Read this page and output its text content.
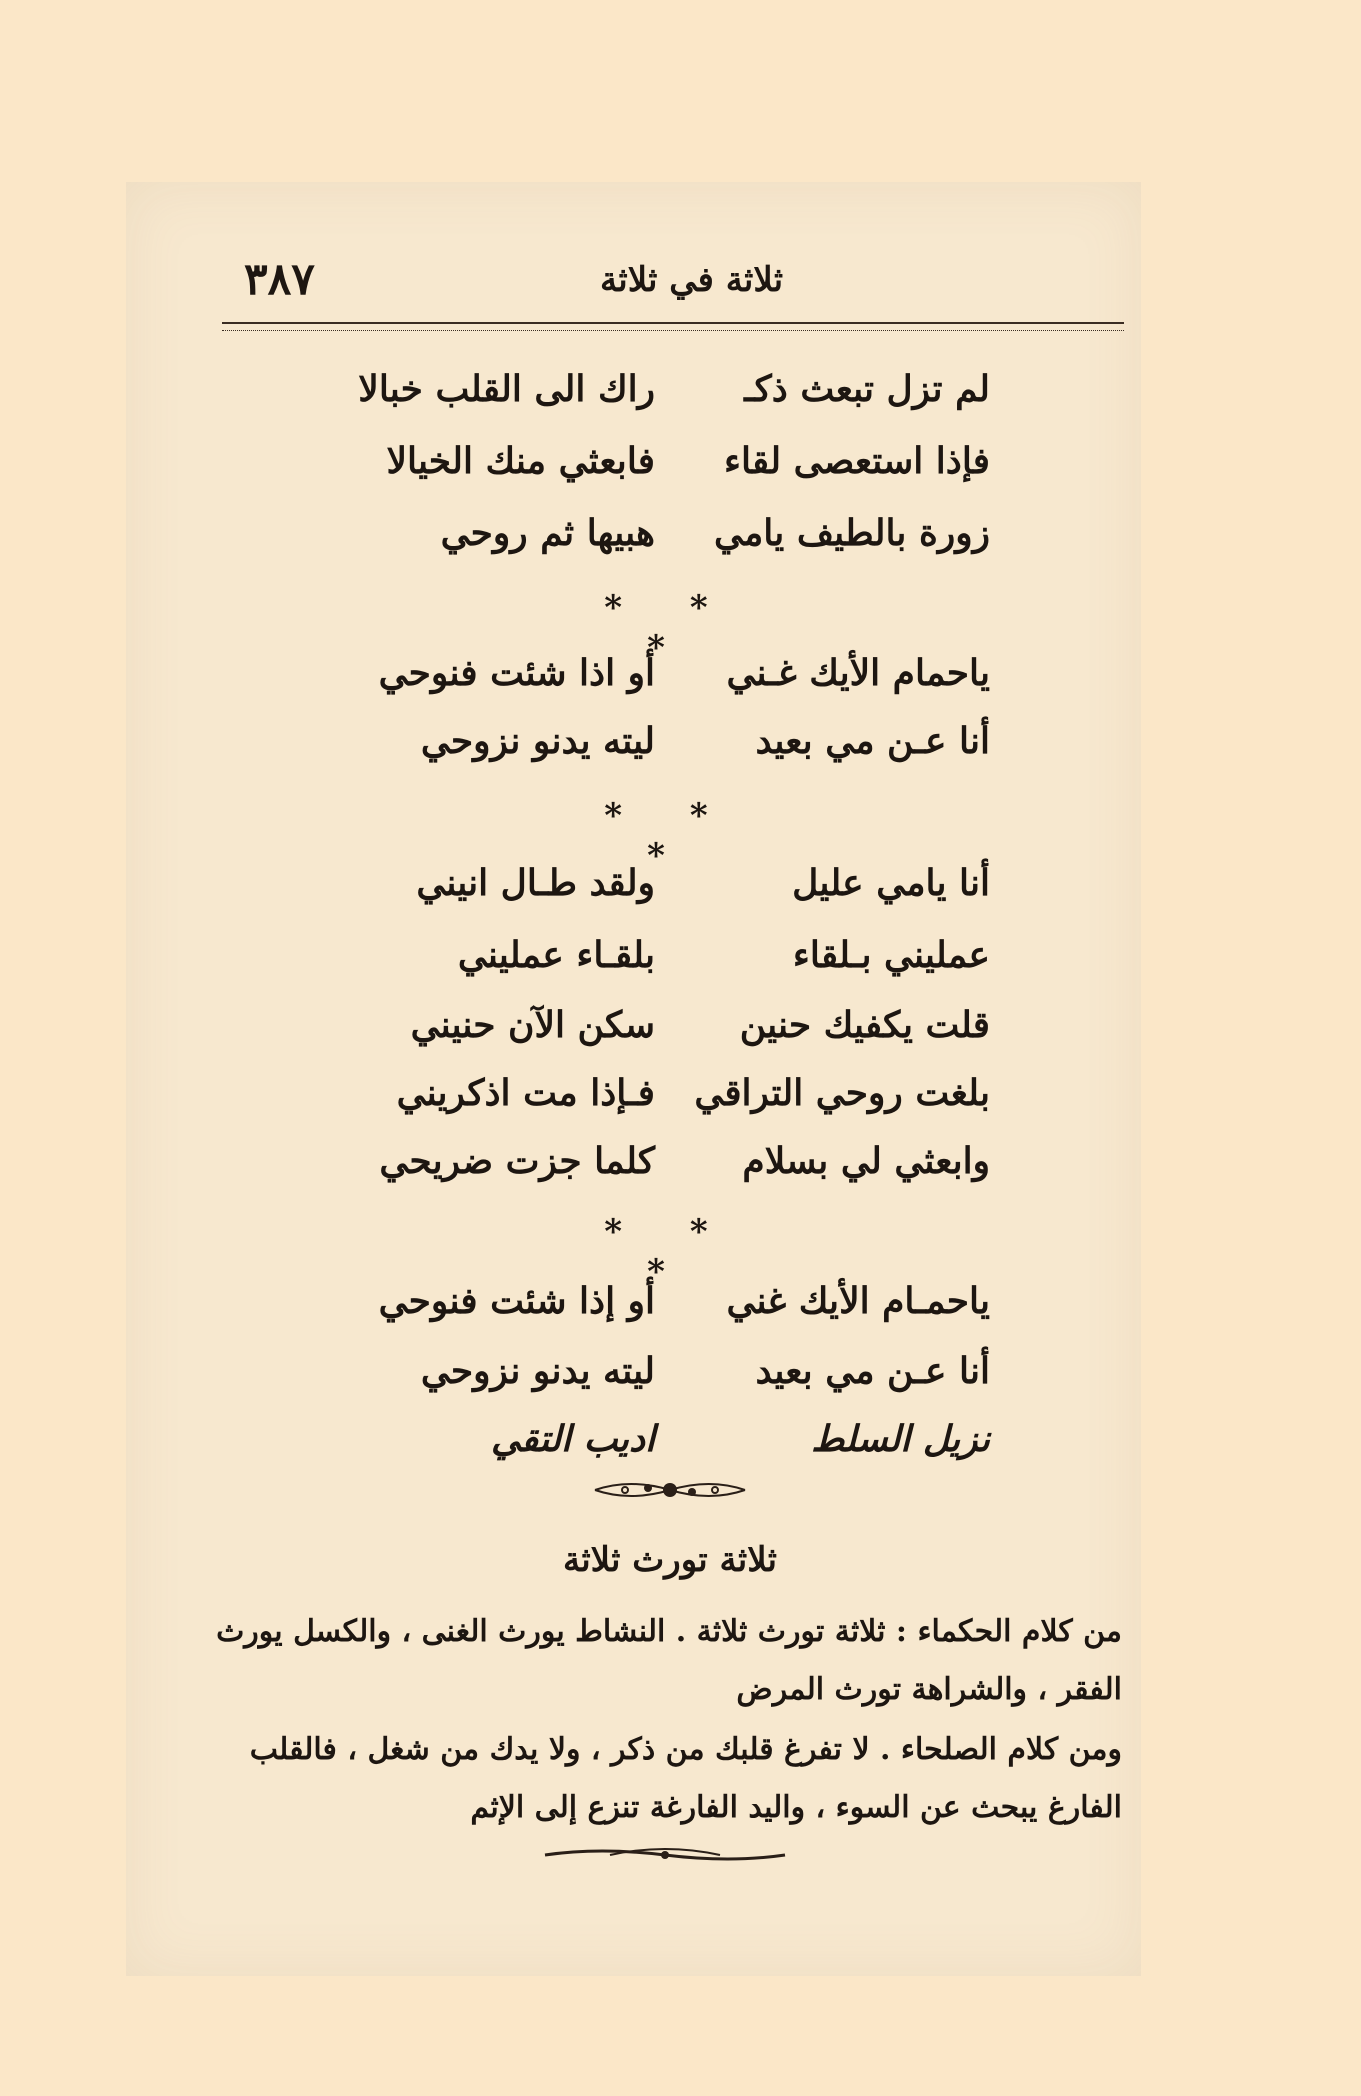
٣٨٧	ثلاثة في ثلاثة
لم تزل تبعث ذكـ
راك الى القلب خبالا
فإذا استعصى لقاء
فابعثي منك الخيالا
زورة بالطيف يامي
هبيها ثم روحي
* * *
ياحمام الأيك غـني
أو اذا شئت فنوحي
أنا عـن مي بعيد
ليته يدنو نزوحي
* * *
أنا يامي عليل
ولقد طـال انيني
عمليني بـلقاء
بلقـاء عمليني
قلت يكفيك حنين
سكن الآن حنيني
بلغت روحي التراقي
فـإذا مت اذكريني
وابعثي لي بسلام
كلما جزت ضريحي
* * *
ياحمـام الأيك غني
أو إذا شئت فنوحي
أنا عـن مي بعيد
ليته يدنو نزوحي
نزيل السلط
اديب التقي
ثلاثة تورث ثلاثة
من كلام الحكماء : ثلاثة تورث ثلاثة . النشاط يورث الغنى ، والكسل يورث
الفقر ، والشراهة تورث المرض
ومن كلام الصلحاء . لا تفرغ قلبك من ذكر ، ولا يدك من شغل ، فالقلب
الفارغ يبحث عن السوء ، واليد الفارغة تنزع إلى الإثم
